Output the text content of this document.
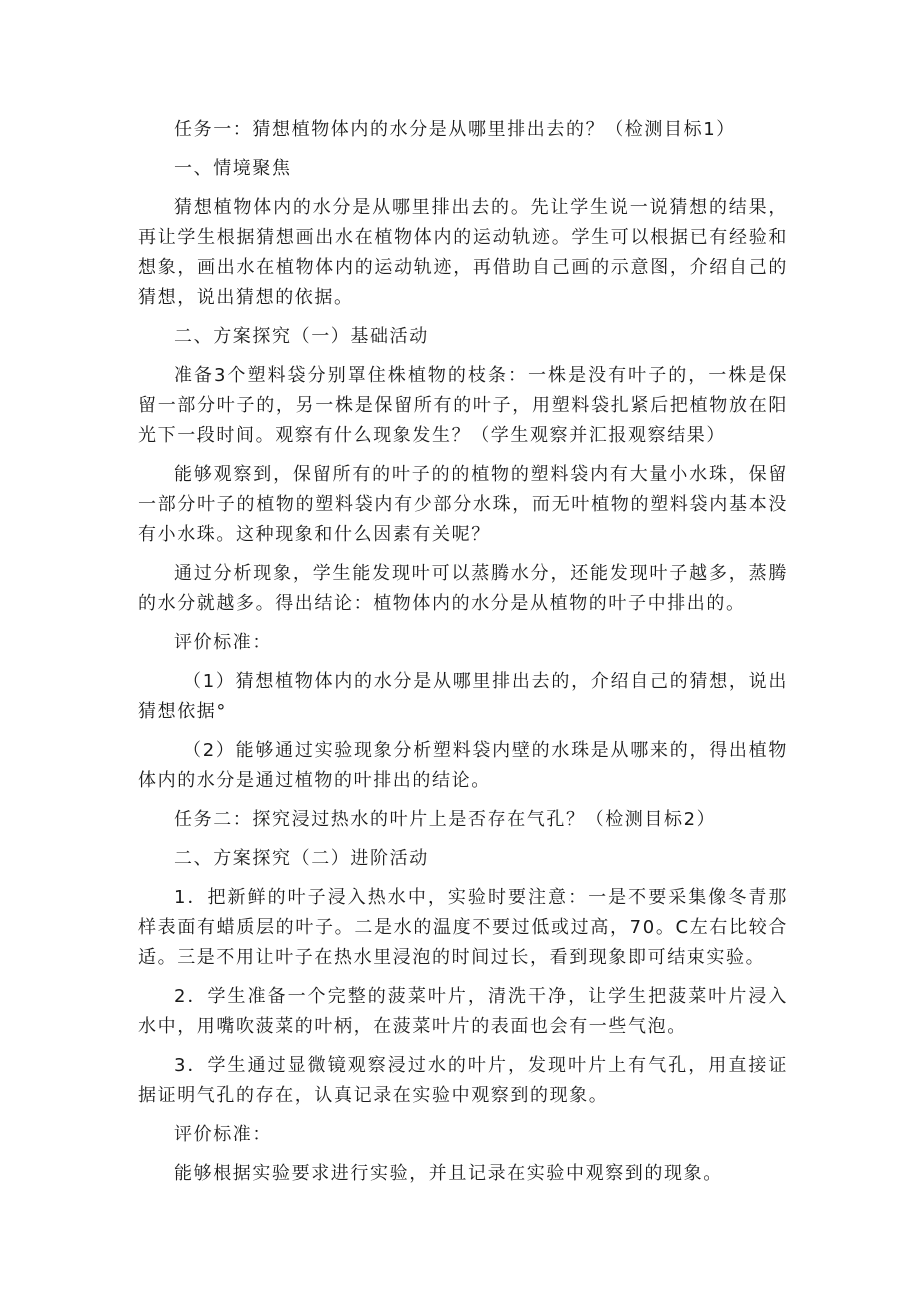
任务一：猜想植物体内的水分是从哪里排出去的？（检测目标1）

一、情境聚焦

猜想植物体内的水分是从哪里排出去的。先让学生说一说猜想的结果，再让学生根据猜想画出水在植物体内的运动轨迹。学生可以根据已有经验和想象，画出水在植物体内的运动轨迹，再借助自己画的示意图，介绍自己的猜想，说出猜想的依据。

二、方案探究（一）基础活动

准备3个塑料袋分别罩住株植物的枝条：一株是没有叶子的，一株是保留一部分叶子的，另一株是保留所有的叶子，用塑料袋扎紧后把植物放在阳光下一段时间。观察有什么现象发生？（学生观察并汇报观察结果）

能够观察到，保留所有的叶子的的植物的塑料袋内有大量小水珠，保留一部分叶子的植物的塑料袋内有少部分水珠，而无叶植物的塑料袋内基本没有小水珠。这种现象和什么因素有关呢？

通过分析现象，学生能发现叶可以蒸腾水分，还能发现叶子越多，蒸腾的水分就越多。得出结论：植物体内的水分是从植物的叶子中排出的。

评价标准：

（1）猜想植物体内的水分是从哪里排出去的，介绍自己的猜想，说出猜想依据°

（2）能够通过实验现象分析塑料袋内壁的水珠是从哪来的，得出植物体内的水分是通过植物的叶排出的结论。

任务二：探究浸过热水的叶片上是否存在气孔？（检测目标2）

二、方案探究（二）进阶活动

1．把新鲜的叶子浸入热水中，实验时要注意：一是不要采集像冬青那样表面有蜡质层的叶子。二是水的温度不要过低或过高，70。C左右比较合适。三是不用让叶子在热水里浸泡的时间过长，看到现象即可结束实验。

2．学生准备一个完整的菠菜叶片，清洗干净，让学生把菠菜叶片浸入水中，用嘴吹菠菜的叶柄，在菠菜叶片的表面也会有一些气泡。

3．学生通过显微镜观察浸过水的叶片，发现叶片上有气孔，用直接证据证明气孔的存在，认真记录在实验中观察到的现象。

评价标准：

能够根据实验要求进行实验，并且记录在实验中观察到的现象。
